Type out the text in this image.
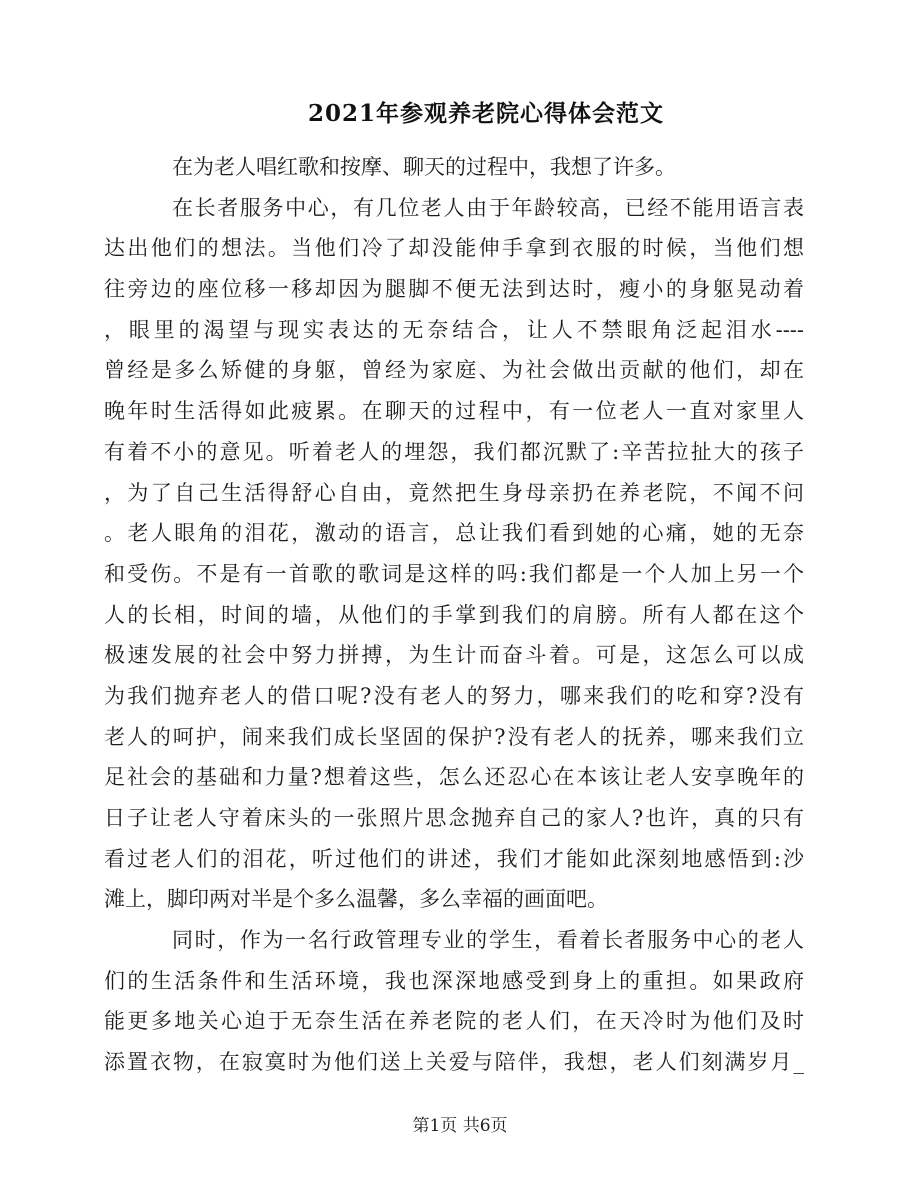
2021年参观养老院心得体会范文
在为老人唱红歌和按摩、聊天的过程中，我想了许多。
在长者服务中心，有几位老人由于年龄较高，已经不能用语言表
达出他们的想法。当他们冷了却没能伸手拿到衣服的时候，当他们想
往旁边的座位移一移却因为腿脚不便无法到达时，瘦小的身躯晃动着
，眼里的渴望与现实表达的无奈结合，让人不禁眼角泛起泪水----
曾经是多么矫健的身躯，曾经为家庭、为社会做出贡献的他们，却在
晚年时生活得如此疲累。在聊天的过程中，有一位老人一直对家里人
有着不小的意见。听着老人的埋怨，我们都沉默了:辛苦拉扯大的孩子
，为了自己生活得舒心自由，竟然把生身母亲扔在养老院，不闻不问
。老人眼角的泪花，激动的语言，总让我们看到她的心痛，她的无奈
和受伤。不是有一首歌的歌词是这样的吗:我们都是一个人加上另一个
人的长相，时间的墙，从他们的手掌到我们的肩膀。所有人都在这个
极速发展的社会中努力拼搏，为生计而奋斗着。可是，这怎么可以成
为我们抛弃老人的借口呢?没有老人的努力，哪来我们的吃和穿?没有
老人的呵护，闹来我们成长坚固的保护?没有老人的抚养，哪来我们立
足社会的基础和力量?想着这些，怎么还忍心在本该让老人安享晚年的
日子让老人守着床头的一张照片思念抛弃自己的家人?也许，真的只有
看过老人们的泪花，听过他们的讲述，我们才能如此深刻地感悟到:沙
滩上，脚印两对半是个多么温馨，多么幸福的画面吧。
同时，作为一名行政管理专业的学生，看着长者服务中心的老人
们的生活条件和生活环境，我也深深地感受到身上的重担。如果政府
能更多地关心迫于无奈生活在养老院的老人们，在天冷时为他们及时
添置衣物，在寂寞时为他们送上关爱与陪伴，我想，老人们刻满岁月_
第1页 共6页
